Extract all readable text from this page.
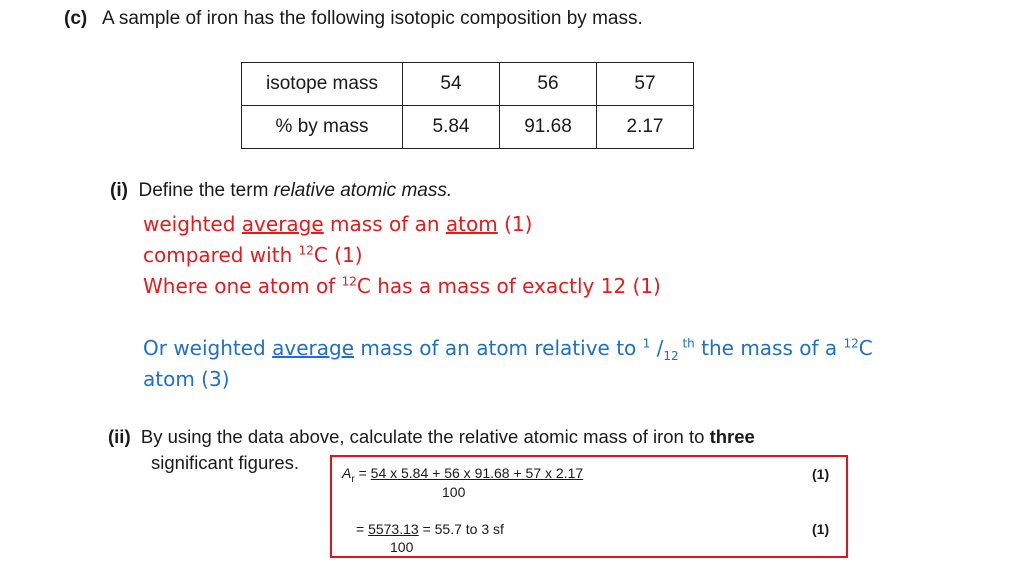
(c) A sample of iron has the following isotopic composition by mass.
isotope mass	54	56	57
% by mass	5.84	91.68	2.17
(i) Define the term relative atomic mass.
weighted average mass of an atom (1)
compared with $^{12}$C (1)
Where one atom of $^{12}$C has a mass of exactly 12 (1)
Or weighted average mass of an atom relative to $^1$ $/_{12}$ $^{th}$ the mass of a $^{12}$C
atom (3)
(ii) By using the data above, calculate the relative atomic mass of iron to three
significant figures.	$A_r = 54$ x 5.84 + 56 x 91.68 + 57 x 2.17
100
(1)
= 5573.13 = 55.7 to 3 sf
100
(1)
